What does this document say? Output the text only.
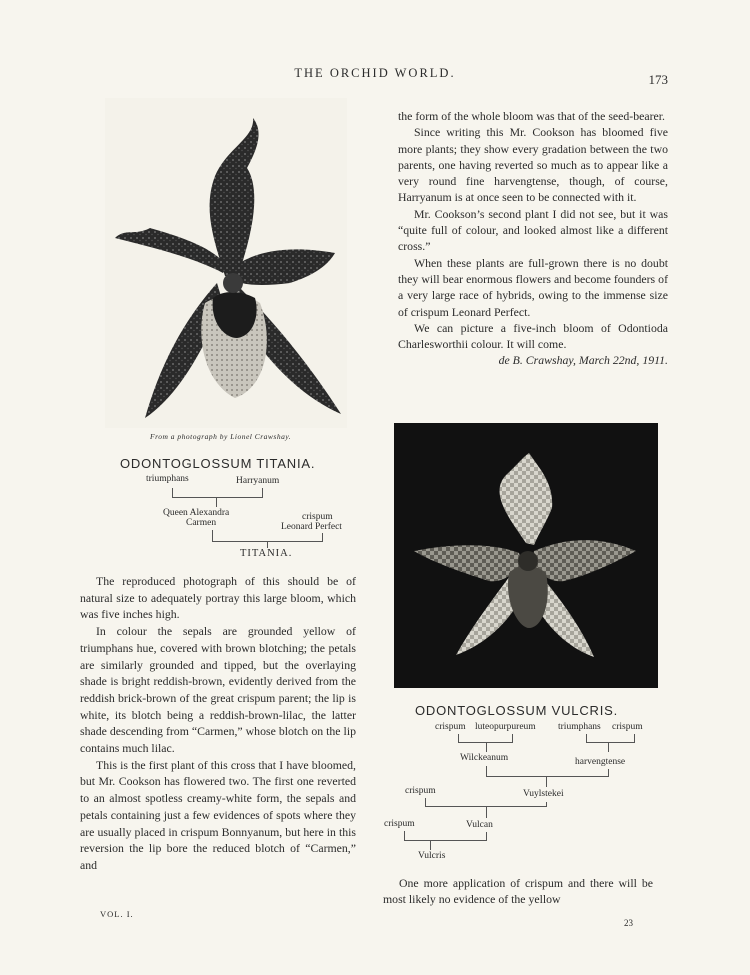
THE ORCHID WORLD.	173
From a photograph by Lionel Crawshay.
ODONTOGLOSSUM TITANIA.
triumphans	Harryanum
Queen Alexandra
Carmen
crispum
Leonard Perfect
TITANIA.

The reproduced photograph of this should be of natural size to adequately portray this large bloom, which was five inches high.

In colour the sepals are grounded yellow of triumphans hue, covered with brown blotching; the petals are similarly grounded and tipped, but the overlaying shade is bright reddish-brown, evidently derived from the reddish brick-brown of the great crispum parent; the lip is white, its blotch being a reddish-brown-lilac, the latter shade descending from “Carmen,” whose blotch on the lip contains much lilac.

This is the first plant of this cross that I have bloomed, but Mr. Cookson has flowered two. The first one reverted to an almost spotless creamy-white form, the sepals and petals containing just a few evidences of spots where they are usually placed in crispum Bonnyanum, but here in this reversion the lip bore the reduced blotch of “Carmen,” and

the form of the whole bloom was that of the seed-bearer.

Since writing this Mr. Cookson has bloomed five more plants; they show every gradation between the two parents, one having reverted so much as to appear like a very round fine harvengtense, though, of course, Harryanum is at once seen to be connected with it.

Mr. Cookson’s second plant I did not see, but it was “quite full of colour, and looked almost like a different cross.”

When these plants are full-grown there is no doubt they will bear enormous flowers and become founders of a very large race of hybrids, owing to the immense size of crispum Leonard Perfect.

We can picture a five-inch bloom of Odontioda Charlesworthii colour. It will come.

de B. Crawshay, March 22nd, 1911.

ODONTOGLOSSUM VULCRIS.
crispum luteopurpureum triumphans crispum
Wilckeanum	harvengtense
crispum	Vuylstekei
crispum	Vulcan
Vulcris

One more application of crispum and there will be most likely no evidence of the yellow

VOL. I.
23
